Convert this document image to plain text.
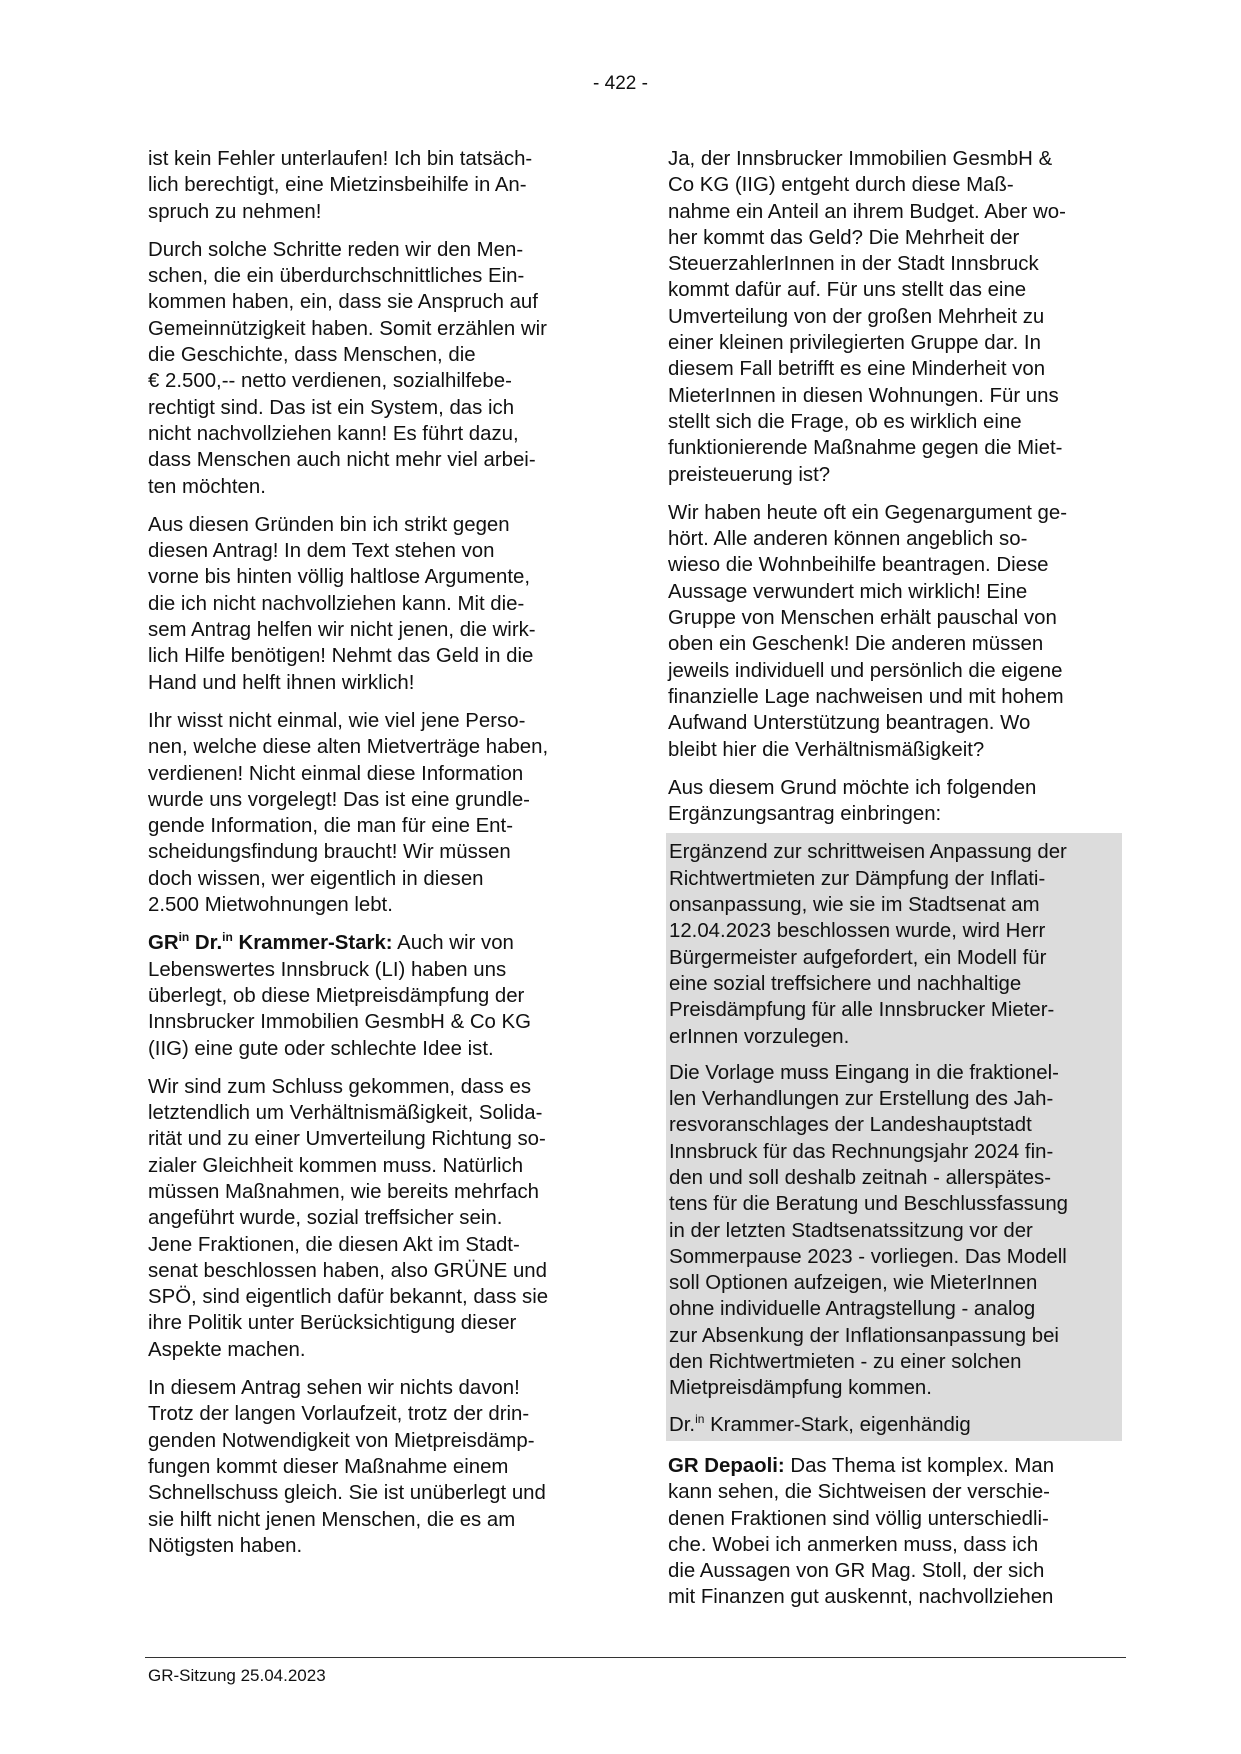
- 422 -

ist kein Fehler unterlaufen! Ich bin tatsäch-
lich berechtigt, eine Mietzinsbeihilfe in An-
spruch zu nehmen!

Durch solche Schritte reden wir den Men-
schen, die ein überdurchschnittliches Ein-
kommen haben, ein, dass sie Anspruch auf
Gemeinnützigkeit haben. Somit erzählen wir
die Geschichte, dass Menschen, die
€ 2.500,-- netto verdienen, sozialhilfebe-
rechtigt sind. Das ist ein System, das ich
nicht nachvollziehen kann! Es führt dazu,
dass Menschen auch nicht mehr viel arbei-
ten möchten.

Aus diesen Gründen bin ich strikt gegen
diesen Antrag! In dem Text stehen von
vorne bis hinten völlig haltlose Argumente,
die ich nicht nachvollziehen kann. Mit die-
sem Antrag helfen wir nicht jenen, die wirk-
lich Hilfe benötigen! Nehmt das Geld in die
Hand und helft ihnen wirklich!

Ihr wisst nicht einmal, wie viel jene Perso-
nen, welche diese alten Mietverträge haben,
verdienen! Nicht einmal diese Information
wurde uns vorgelegt! Das ist eine grundle-
gende Information, die man für eine Ent-
scheidungsfindung braucht! Wir müssen
doch wissen, wer eigentlich in diesen
2.500 Mietwohnungen lebt.

$GR^{in}$ Dr.$^{in}$ Krammer-Stark: Auch wir von
Lebenswertes Innsbruck (LI) haben uns
überlegt, ob diese Mietpreisdämpfung der
Innsbrucker Immobilien GesmbH & Co KG
(IIG) eine gute oder schlechte Idee ist.

Wir sind zum Schluss gekommen, dass es
letztendlich um Verhältnismäßigkeit, Solida-
rität und zu einer Umverteilung Richtung so-
zialer Gleichheit kommen muss. Natürlich
müssen Maßnahmen, wie bereits mehrfach
angeführt wurde, sozial treffsicher sein.
Jene Fraktionen, die diesen Akt im Stadt-
senat beschlossen haben, also GRÜNE und
SPÖ, sind eigentlich dafür bekannt, dass sie
ihre Politik unter Berücksichtigung dieser
Aspekte machen.

In diesem Antrag sehen wir nichts davon!
Trotz der langen Vorlaufzeit, trotz der drin-
genden Notwendigkeit von Mietpreisdämp-
fungen kommt dieser Maßnahme einem
Schnellschuss gleich. Sie ist unüberlegt und
sie hilft nicht jenen Menschen, die es am
Nötigsten haben.

Ja, der Innsbrucker Immobilien GesmbH &
Co KG (IIG) entgeht durch diese Maß-
nahme ein Anteil an ihrem Budget. Aber wo-
her kommt das Geld? Die Mehrheit der
SteuerzahlerInnen in der Stadt Innsbruck
kommt dafür auf. Für uns stellt das eine
Umverteilung von der großen Mehrheit zu
einer kleinen privilegierten Gruppe dar. In
diesem Fall betrifft es eine Minderheit von
MieterInnen in diesen Wohnungen. Für uns
stellt sich die Frage, ob es wirklich eine
funktionierende Maßnahme gegen die Miet-
preisteuerung ist?

Wir haben heute oft ein Gegenargument ge-
hört. Alle anderen können angeblich so-
wieso die Wohnbeihilfe beantragen. Diese
Aussage verwundert mich wirklich! Eine
Gruppe von Menschen erhält pauschal von
oben ein Geschenk! Die anderen müssen
jeweils individuell und persönlich die eigene
finanzielle Lage nachweisen und mit hohem
Aufwand Unterstützung beantragen. Wo
bleibt hier die Verhältnismäßigkeit?

Aus diesem Grund möchte ich folgenden
Ergänzungsantrag einbringen:

Ergänzend zur schrittweisen Anpassung der
Richtwertmieten zur Dämpfung der Inflati-
onsanpassung, wie sie im Stadtsenat am
12.04.2023 beschlossen wurde, wird Herr
Bürgermeister aufgefordert, ein Modell für
eine sozial treffsichere und nachhaltige
Preisdämpfung für alle Innsbrucker Mieter-
erInnen vorzulegen.

Die Vorlage muss Eingang in die fraktionel-
len Verhandlungen zur Erstellung des Jah-
resvoranschlages der Landeshauptstadt
Innsbruck für das Rechnungsjahr 2024 fin-
den und soll deshalb zeitnah - allerspätes-
tens für die Beratung und Beschlussfassung
in der letzten Stadtsenatssitzung vor der
Sommerpause 2023 - vorliegen. Das Modell
soll Optionen aufzeigen, wie MieterInnen
ohne individuelle Antragstellung - analog
zur Absenkung der Inflationsanpassung bei
den Richtwertmieten - zu einer solchen
Mietpreisdämpfung kommen.

Dr.$^{in}$ Krammer-Stark, eigenhändig

GR Depaoli: Das Thema ist komplex. Man
kann sehen, die Sichtweisen der verschie-
denen Fraktionen sind völlig unterschiedli-
che. Wobei ich anmerken muss, dass ich
die Aussagen von GR Mag. Stoll, der sich
mit Finanzen gut auskennt, nachvollziehen

GR-Sitzung 25.04.2023
